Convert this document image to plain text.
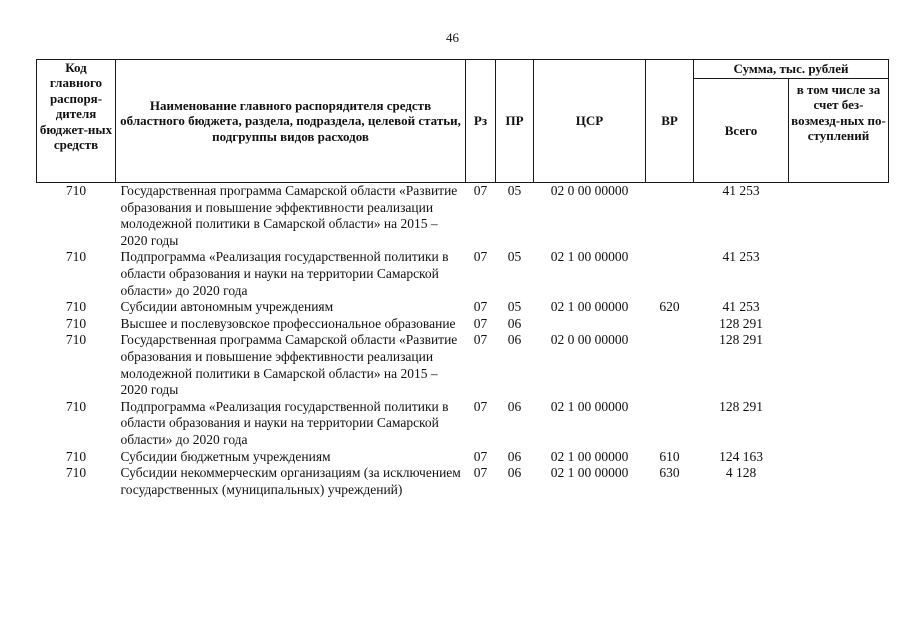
46
Код главного распоря-дителя бюджет-ных средств	Наименование главного распорядителя средств областного бюджета, раздела, подраздела, целевой статьи, подгруппы видов расходов	Рз	ПР	ЦСР	ВР	Сумма, тыс. рублей	
						Всего	в том числе за счет без-возмезд-ных по-ступлений
710	Государственная программа Самарской области «Развитие образования и повышение эффективности реализации молодежной политики в Самарской области» на 2015 – 2020 годы	07	05	02 0 00 00000		41 253	
710	Подпрограмма «Реализация государственной политики в области образования и науки на территории Самарской области» до 2020 года	07	05	02 1 00 00000		41 253	
710	Субсидии автономным учреждениям	07	05	02 1 00 00000	620	41 253	
710	Высшее и послевузовское профессиональное образование	07	06			128 291	
710	Государственная программа Самарской области «Развитие образования и повышение эффективности реализации молодежной политики в Самарской области» на 2015 – 2020 годы	07	06	02 0 00 00000		128 291	
710	Подпрограмма «Реализация государственной политики в области образования и науки на территории Самарской области» до 2020 года	07	06	02 1 00 00000		128 291	
710	Субсидии бюджетным учреждениям	07	06	02 1 00 00000	610	124 163	
710	Субсидии некоммерческим организациям (за исключением государственных (муниципальных) учреждений)	07	06	02 1 00 00000	630	4 128	
